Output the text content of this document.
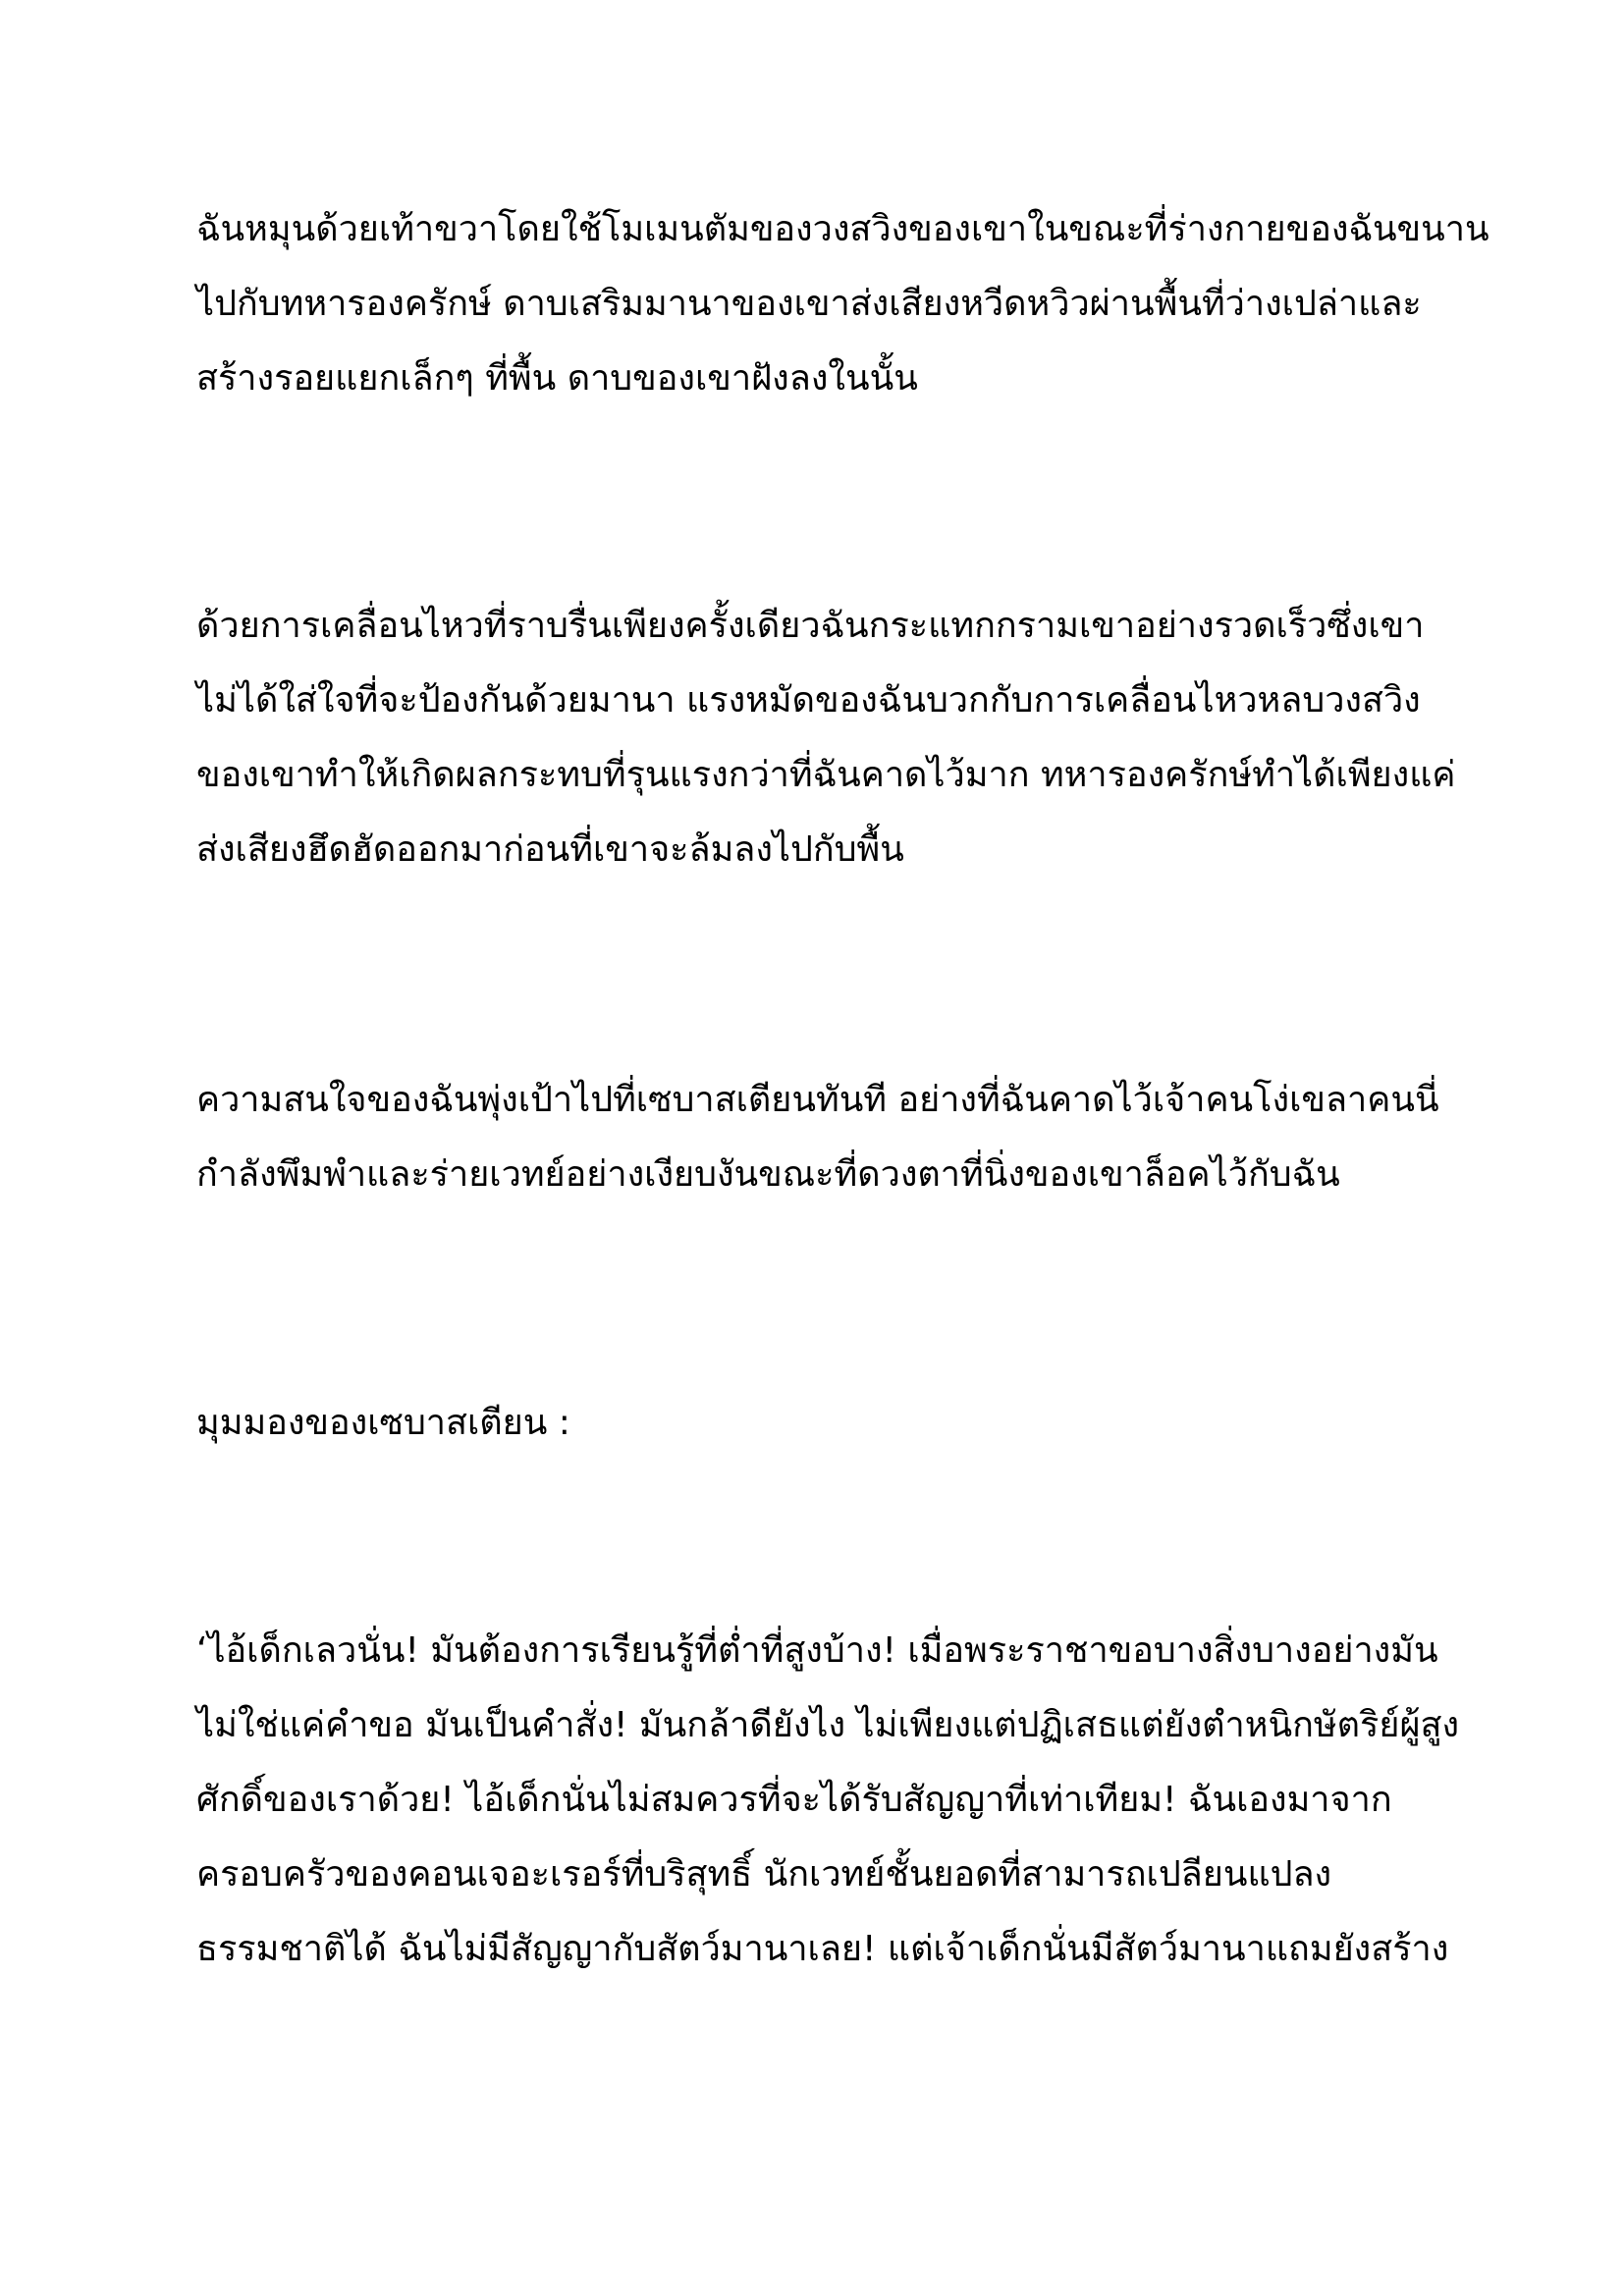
ฉันหมุนด้วยเท้าขวาโดยใช้โมเมนตัมของวงสวิงของเขาในขณะที่ร่างกายของฉันขนาน
ไปกับทหารองครักษ์ ดาบเสริมมานาของเขาส่งเสียงหวีดหวิวผ่านพื้นที่ว่างเปล่าและ
สร้างรอยแยกเล็กๆ ที่พื้น ดาบของเขาฝังลงในนั้น

ด้วยการเคลื่อนไหวที่ราบรื่นเพียงครั้งเดียวฉันกระแทกกรามเขาอย่างรวดเร็วซึ่งเขา
ไม่ได้ใส่ใจที่จะป้องกันด้วยมานา แรงหมัดของฉันบวกกับการเคลื่อนไหวหลบวงสวิง
ของเขาทำให้เกิดผลกระทบที่รุนแรงกว่าที่ฉันคาดไว้มาก ทหารองครักษ์ทำได้เพียงแค่
ส่งเสียงฮึดฮัดออกมาก่อนที่เขาจะล้มลงไปกับพื้น

ความสนใจของฉันพุ่งเป้าไปที่เซบาสเตียนทันที อย่างที่ฉันคาดไว้เจ้าคนโง่เขลาคนนี่
กำลังพึมพำและร่ายเวทย์อย่างเงียบงันขณะที่ดวงตาที่นิ่งของเขาล็อคไว้กับฉัน

มุมมองของเซบาสเตียน :

‘ไอ้เด็กเลวนั่น! มันต้องการเรียนรู้ที่ต่ำที่สูงบ้าง! เมื่อพระราชาขอบางสิ่งบางอย่างมัน
ไม่ใช่แค่คำขอ มันเป็นคำสั่ง! มันกล้าดียังไง ไม่เพียงแต่ปฏิเสธแต่ยังตำหนิกษัตริย์ผู้สูง
ศักดิ์ของเราด้วย! ไอ้เด็กนั่นไม่สมควรที่จะได้รับสัญญาที่เท่าเทียม! ฉันเองมาจาก
ครอบครัวของคอนเจอะเรอร์ที่บริสุทธิ์ นักเวทย์ชั้นยอดที่สามารถเปลียนแปลง
ธรรมชาติได้ ฉันไม่มีสัญญากับสัตว์มานาเลย! แต่เจ้าเด็กนั่นมีสัตว์มานาแถมยังสร้าง
